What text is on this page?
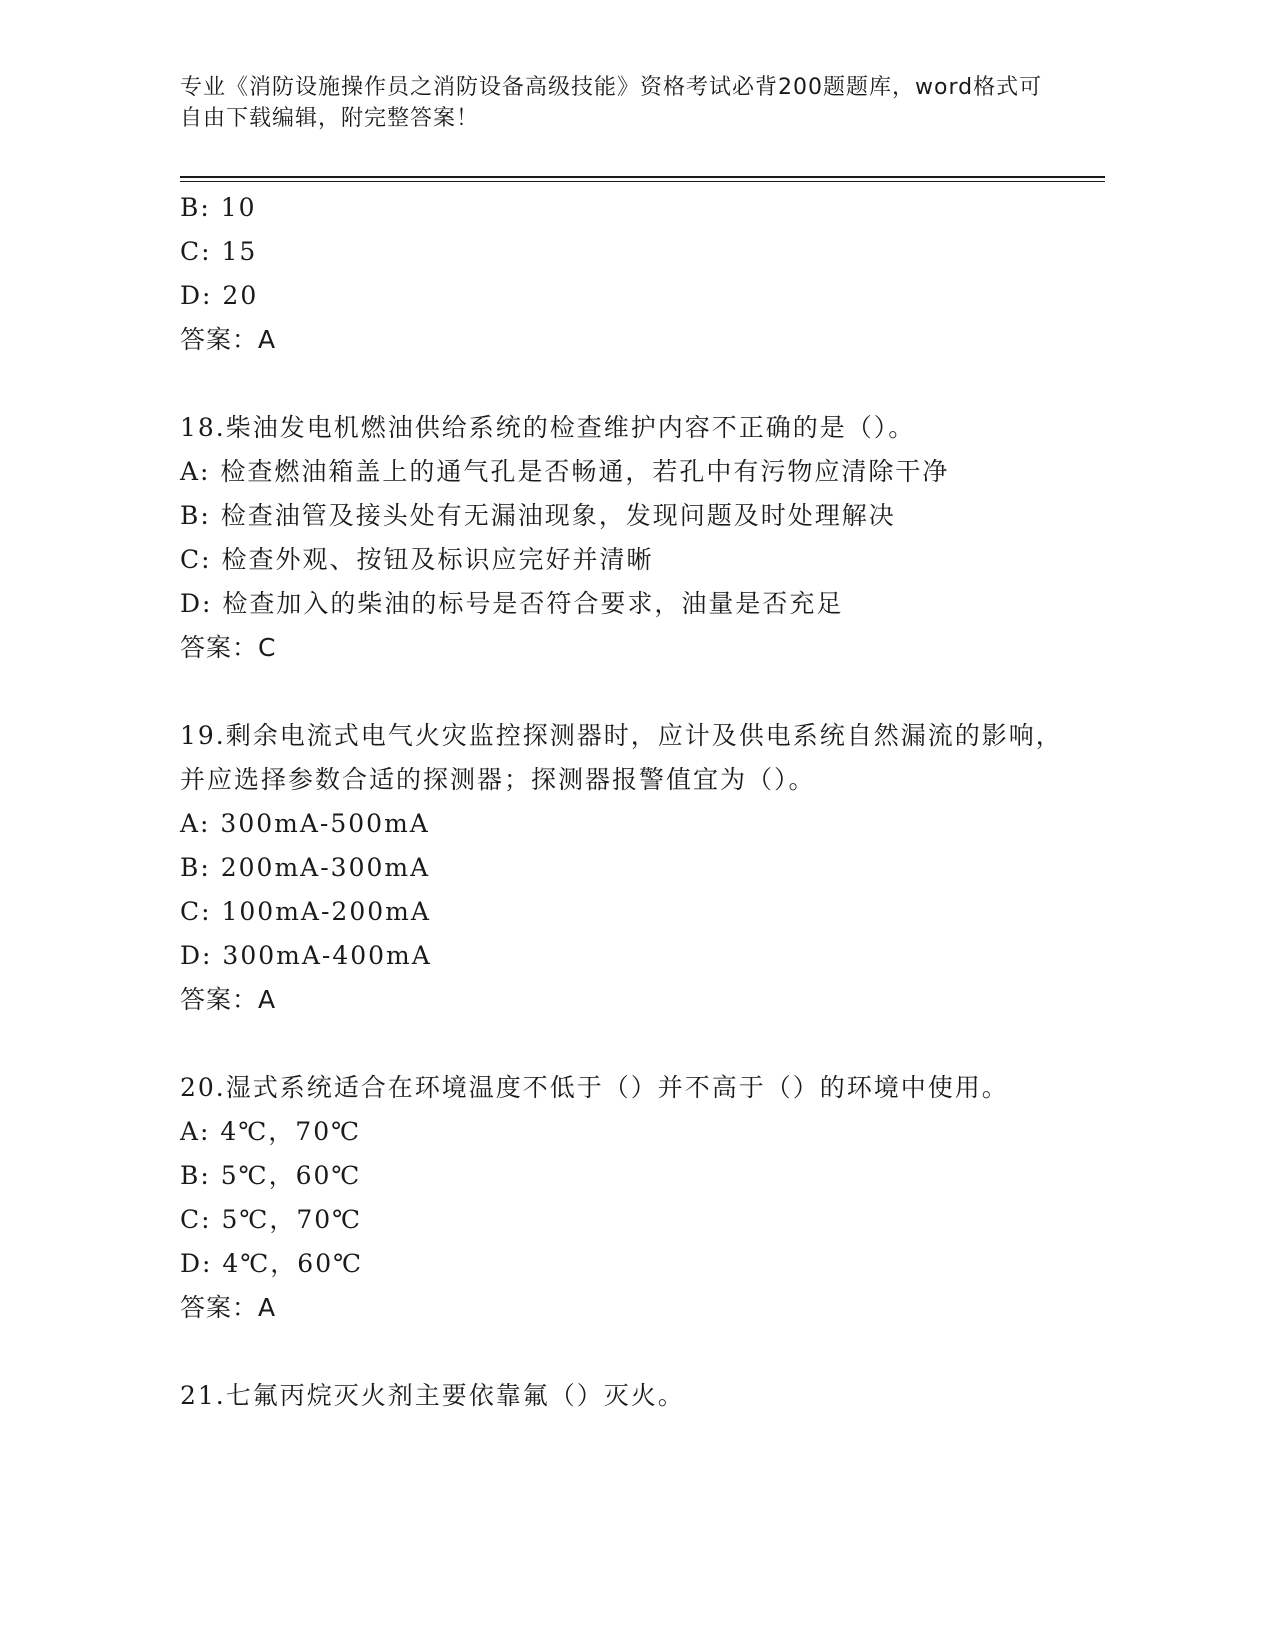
专业《消防设施操作员之消防设备高级技能》资格考试必背200题题库，word格式可自由下载编辑，附完整答案！
B: 10
C: 15
D: 20
答案：A
18.柴油发电机燃油供给系统的检查维护内容不正确的是（）。
A: 检查燃油箱盖上的通气孔是否畅通，若孔中有污物应清除干净
B: 检查油管及接头处有无漏油现象，发现问题及时处理解决
C: 检查外观、按钮及标识应完好并清晰
D: 检查加入的柴油的标号是否符合要求，油量是否充足
答案：C
19.剩余电流式电气火灾监控探测器时，应计及供电系统自然漏流的影响，并应选择参数合适的探测器；探测器报警值宜为（）。
A: 300mA-500mA
B: 200mA-300mA
C: 100mA-200mA
D: 300mA-400mA
答案：A
20.湿式系统适合在环境温度不低于（）并不高于（）的环境中使用。
A: 4℃，70℃
B: 5℃，60℃
C: 5℃，70℃
D: 4℃，60℃
答案：A
21.七氟丙烷灭火剂主要依靠氟（）灭火。
